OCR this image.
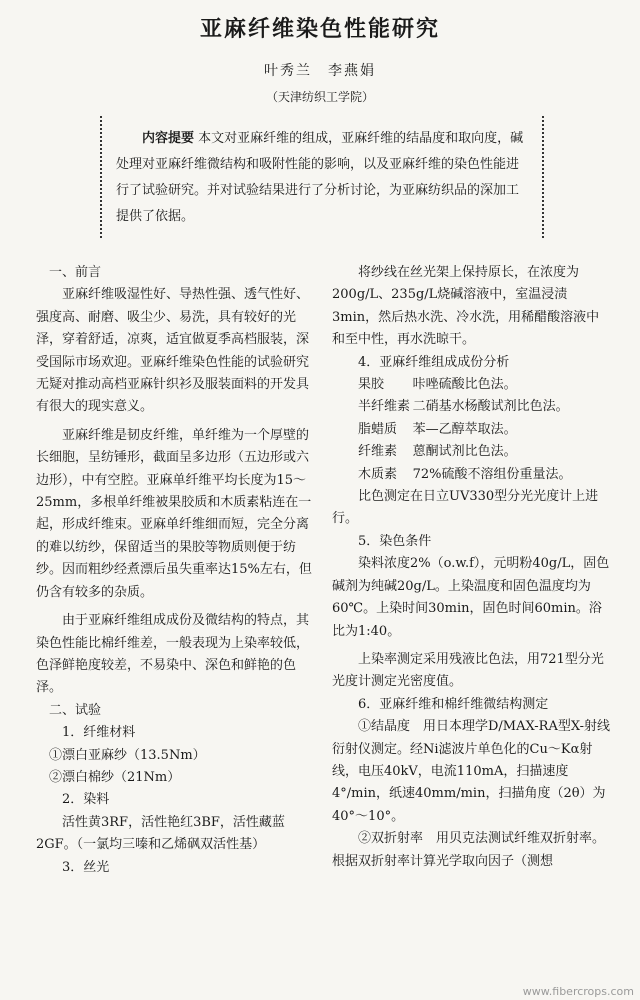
亚麻纤维染色性能研究
叶秀兰　李燕娟
（天津纺织工学院）
内容提要 本文对亚麻纤维的组成，亚麻纤维的结晶度和取向度，碱处理对亚麻纤维微结构和吸附性能的影响，以及亚麻纤维的染色性能进行了试验研究。并对试验结果进行了分析讨论，为亚麻纺织品的深加工提供了依据。

一、前言

亚麻纤维吸湿性好、导热性强、透气性好、强度高、耐磨、吸尘少、易洗，具有较好的光泽，穿着舒适，凉爽，适宜做夏季高档服装，深受国际市场欢迎。亚麻纤维染色性能的试验研究无疑对推动高档亚麻针织衫及服装面料的开发具有很大的现实意义。

亚麻纤维是韧皮纤维，单纤维为一个厚壁的长细胞，呈纺锤形，截面呈多边形（五边形或六边形），中有空腔。亚麻单纤维平均长度为15～25mm，多根单纤维被果胶质和木质素粘连在一起，形成纤维束。亚麻单纤维细而短，完全分离的难以纺纱，保留适当的果胶等物质则便于纺纱。因而粗纱经煮漂后虽失重率达15%左右，但仍含有较多的杂质。

由于亚麻纤维组成成份及微结构的特点，其染色性能比棉纤维差，一般表现为上染率较低，色泽鲜艳度较差，不易染中、深色和鲜艳的色泽。

二、试验

1．纤维材料

①漂白亚麻纱（13.5Nm）

②漂白棉纱（21Nm）

2．染料

活性黄3RF，活性艳红3BF，活性藏蓝2GF。（一氯均三嗪和乙烯砜双活性基）

3．丝光

将纱线在丝光架上保持原长，在浓度为200g/L、235g/L烧碱溶液中，室温浸渍3min，然后热水洗、冷水洗，用稀醋酸溶液中和至中性，再水洗晾干。

4．亚麻纤维组成成份分析

果胶	咔唑硫酸比色法。
半纤维素 二硝基水杨酸试剂比色法。
脂蜡质	苯—乙醇萃取法。
纤维素	蒽酮试剂比色法。
木质素	72%硫酸不溶组份重量法。

比色测定在日立UV330型分光光度计上进行。

5．染色条件

染料浓度2%（o.w.f），元明粉40g/L，固色碱剂为纯碱20g/L。上染温度和固色温度均为60℃。上染时间30min，固色时间60min。浴比为1:40。

上染率测定采用残液比色法，用721型分光光度计测定光密度值。

6．亚麻纤维和棉纤维微结构测定

①结晶度　用日本理学D/MAX-RA型X-射线衍射仪测定。经Ni滤波片单色化的Cu～Kα射线，电压40kV，电流110mA，扫描速度4°/min，纸速40mm/min，扫描角度（2θ）为40°～10°。

②双折射率　用贝克法测试纤维双折射率。根据双折射率计算光学取向因子（测想

www.fibercrops.com
